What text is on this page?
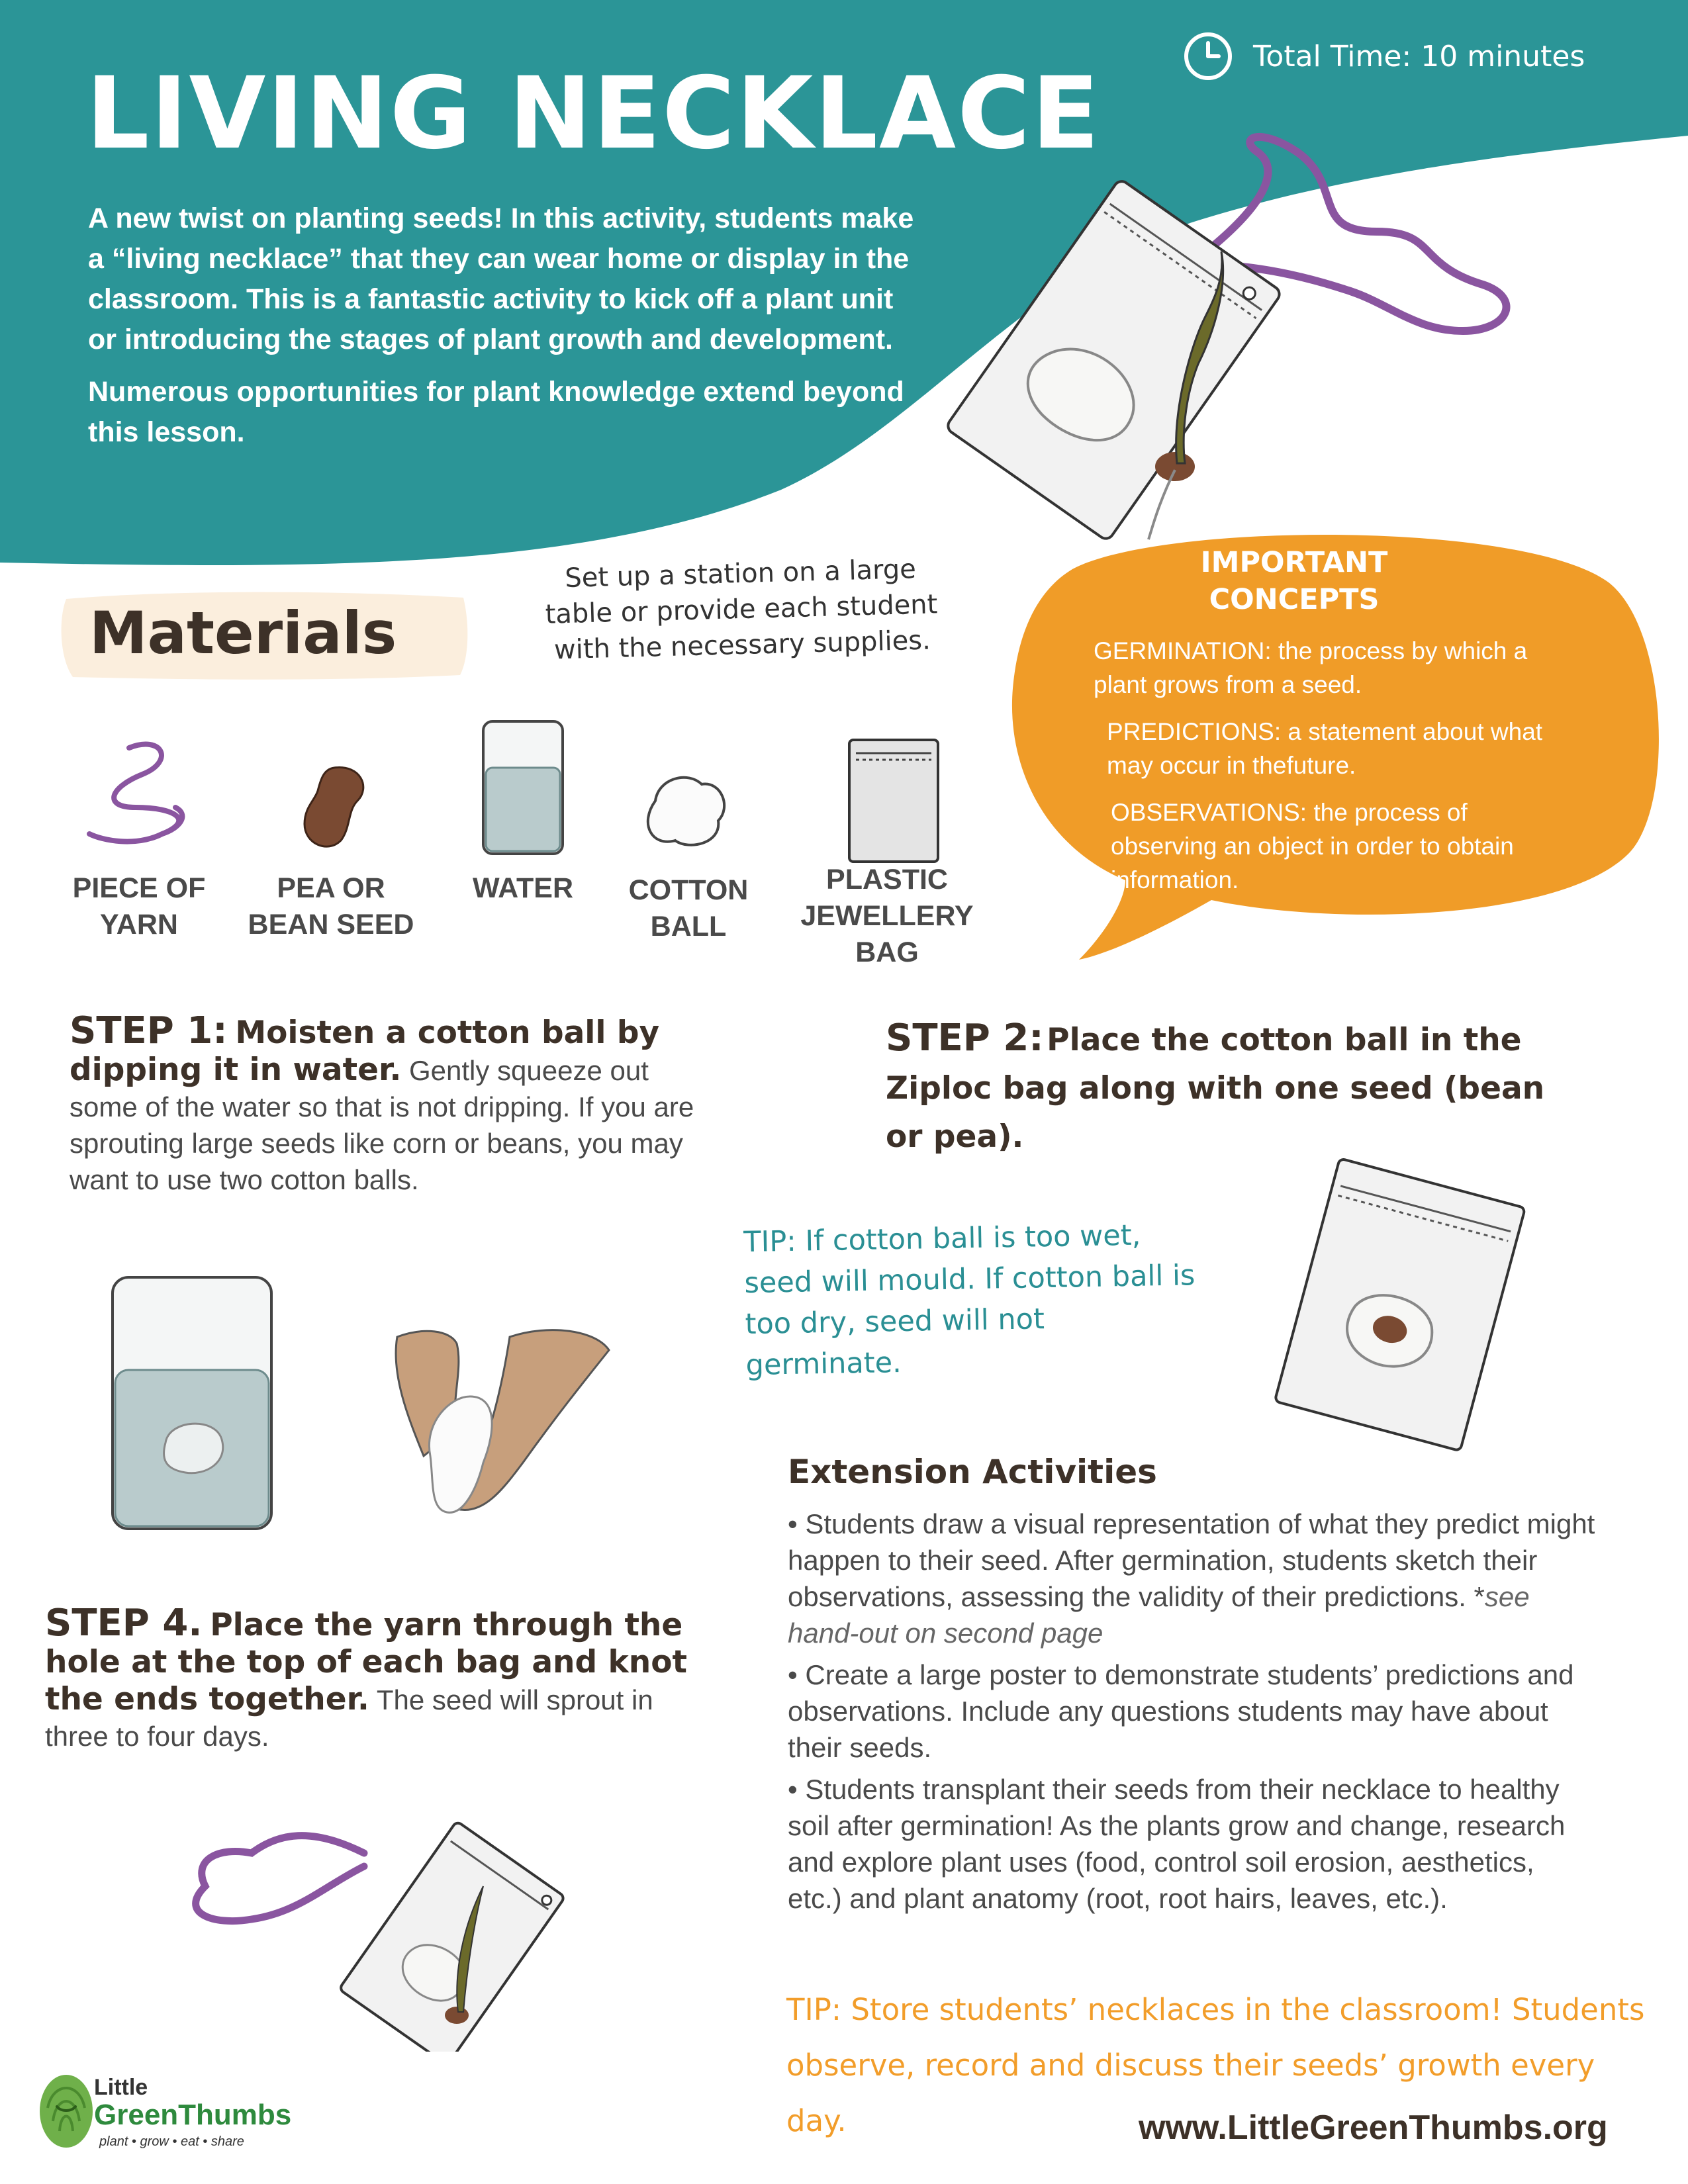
LIVING NECKLACE	Total Time: 10 minutes

A new twist on planting seeds! In this activity, students make a “living necklace” that they can wear home or display in the classroom. This is a fantastic activity to kick off a plant unit or introducing the stages of plant growth and development.

Numerous opportunities for plant knowledge extend beyond this lesson.

Materials
Set up a station on a large table or provide each student with the necessary supplies.
PIECE OF
YARN
PEA OR
BEAN SEED
WATER	COTTON
BALL
PLASTIC
JEWELLERY
BAG
IMPORTANT
CONCEPTS
GERMINATION: the process by which a plant grows from a seed.
PREDICTIONS: a statement about what may occur in thefuture.
OBSERVATIONS: the process of observing an object in order to obtain information.
STEP 1: Moisten a cotton ball by dipping it in water. Gently squeeze out some of the water so that is not dripping. If you are sprouting large seeds like corn or beans, you may want to use two cotton balls.
STEP 2: Place the cotton ball in the Ziploc bag along with one seed (bean or pea).
TIP: If cotton ball is too wet, seed will mould. If cotton ball is too dry, seed will not germinate.
STEP 4. Place the yarn through the hole at the top of each bag and knot the ends together. The seed will sprout in three to four days.
Extension Activities

• Students draw a visual representation of what they predict might happen to their seed. After germination, students sketch their observations, assessing the validity of their predictions. *see hand-out on second page

• Create a large poster to demonstrate students’ predictions and observations. Include any questions students may have about their seeds.

• Students transplant their seeds from their necklace to healthy soil after germination! As the plants grow and change, research and explore plant uses (food, control soil erosion, aesthetics, etc.) and plant anatomy (root, root hairs, leaves, etc.).

TIP: Store students’ necklaces in the classroom! Students observe, record and discuss their seeds’ growth every day.
Little
GreenThumbs
plant • grow • eat • share	www.LittleGreenThumbs.org
